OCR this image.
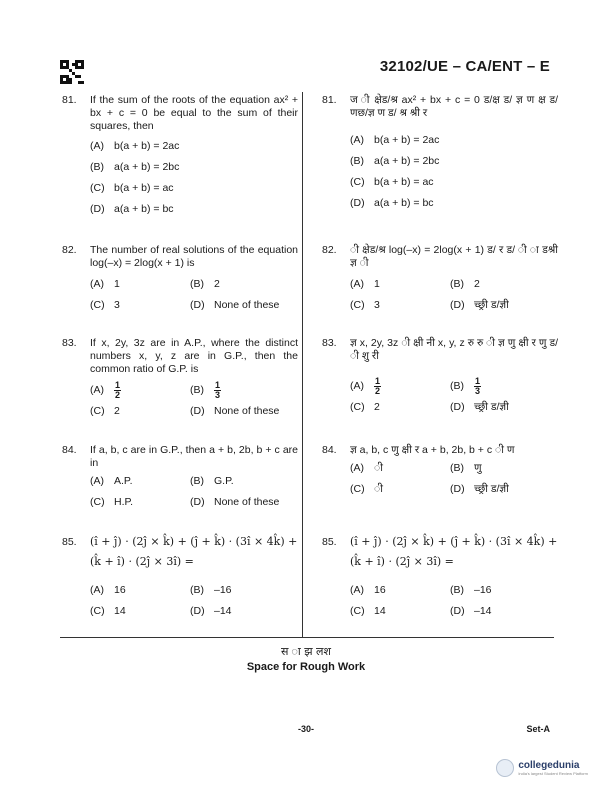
32102/UE – CA/ENT – E
81.	If the sum of the roots of the equation ax² + bx + c = 0 be equal to the sum of their squares, then
(A) b(a + b) = 2ac
(B) a(a + b) = 2bc
(C) b(a + b) = ac
(D) a(a + b) = bc
82.	The number of real solutions of the equation log(–x) = 2log(x + 1) is
(A) 1	(B) 2
(C) 3	(D) None of these
83.	If x, 2y, 3z are in A.P., where the distinct numbers x, y, z are in G.P., then the common ratio of G.P. is
(A)	$\frac{1}{2}$	(B)	$\frac{1}{3}$
(C) 2	(D) None of these
84.	If a, b, c are in G.P., then a + b, 2b, b + c are in
(A) A.P.	(B) G.P.
(C) H.P.	(D) None of these
85.	(î + ĵ) · (2ĵ × k̂) + (ĵ + k̂) · (3î × 4k̂) +
(k̂ + î) · (2ĵ × 3î) =
(A) 16	(B) –16
(C) 14	(D) –14
81.	ज ी क्षेड/श्र ax² + bx + c = 0 ड/क्ष ड/ ज्ञ ण क्ष ड/ णछ/ज्ञ ण ड/ श्र श्री र
(A) b(a + b) = 2ac
(B) a(a + b) = 2bc
(C) b(a + b) = ac
(D) a(a + b) = bc
82.	ी क्षेड/श्र log(–x) = 2log(x + 1) ड/ र ड/ ी ा डश्री ज्ञ ी
(A) 1	(B) 2
(C) 3	(D) च्छ्री ड/ज्ञी
83.	ज्ञ x, 2y, 3z ी क्षी नी x, y, z रु रु ी ज्ञ णु क्षी र णु ड/ ी शु री
(A)	$\frac{1}{2}$	(B)	$\frac{1}{3}$
(C) 2	(D) च्छ्री ड/ज्ञी
84.	ज्ञ a, b, c णु क्षी र a + b, 2b, b + c ी ण
(A) ी	(B) णु
(C) ी	(D) च्छ्री ड/ज्ञी
85.	(î + ĵ) · (2ĵ × k̂) + (ĵ + k̂) · (3î × 4k̂) +
(k̂ + î) · (2ĵ × 3î) =
(A) 16	(B) –16
(C) 14	(D) –14
स ा झ लश
Space for Rough Work
-30-	Set-A
collegedunia
India's largest Student Review Platform
